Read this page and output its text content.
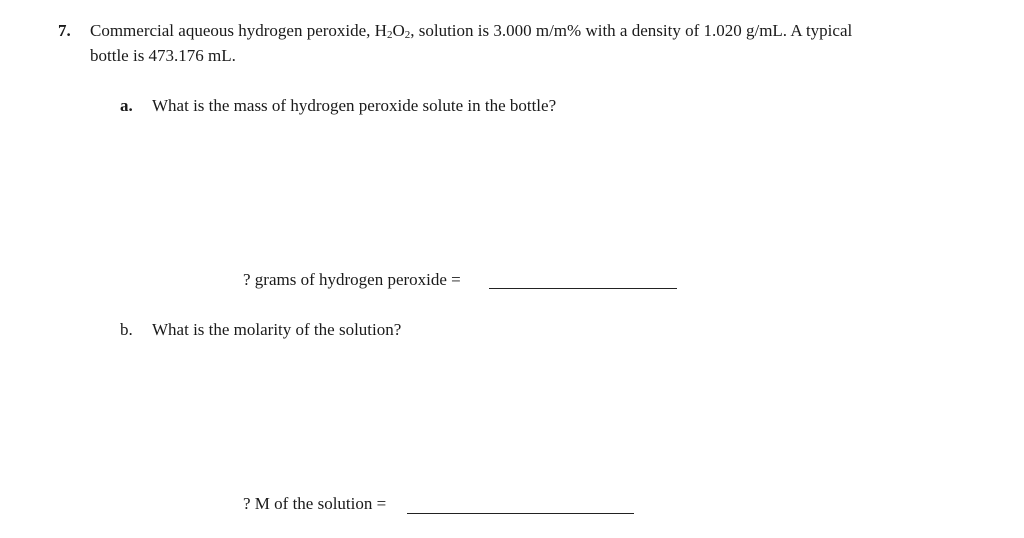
7. Commercial aqueous hydrogen peroxide, $H_2O_2$, solution is 3.000 m/m% with a density of 1.020 g/mL. A typical
bottle is 473.176 mL.
a. What is the mass of hydrogen peroxide solute in the bottle?
? grams of hydrogen peroxide =
b. What is the molarity of the solution?
? M of the solution =
